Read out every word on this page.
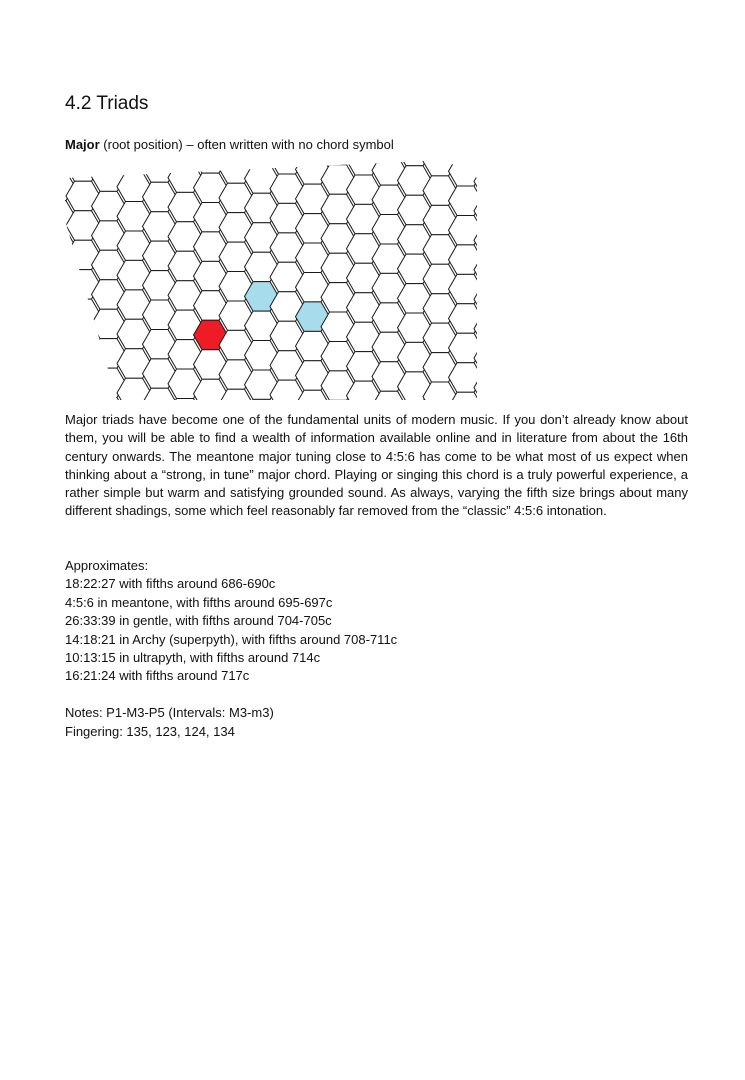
4.2 Triads
Major (root position) – often written with no chord symbol

Major triads have become one of the fundamental units of modern music. If you don’t already know about them, you will be able to find a wealth of information available online and in literature from about the 16th century onwards. The meantone major tuning close to 4:5:6 has come to be what most of us expect when thinking about a “strong, in tune” major chord. Playing or singing this chord is a truly powerful experience, a rather simple but warm and satisfying grounded sound. As always, varying the fifth size brings about many different shadings, some which feel reasonably far removed from the “classic” 4:5:6 intonation.

Approximates:
18:22:27 with fifths around 686-690c
4:5:6 in meantone, with fifths around 695-697c
26:33:39 in gentle, with fifths around 704-705c
14:18:21 in Archy (superpyth), with fifths around 708-711c
10:13:15 in ultrapyth, with fifths around 714c
16:21:24 with fifths around 717c
Notes: P1-M3-P5 (Intervals: M3-m3)
Fingering: 135, 123, 124, 134
